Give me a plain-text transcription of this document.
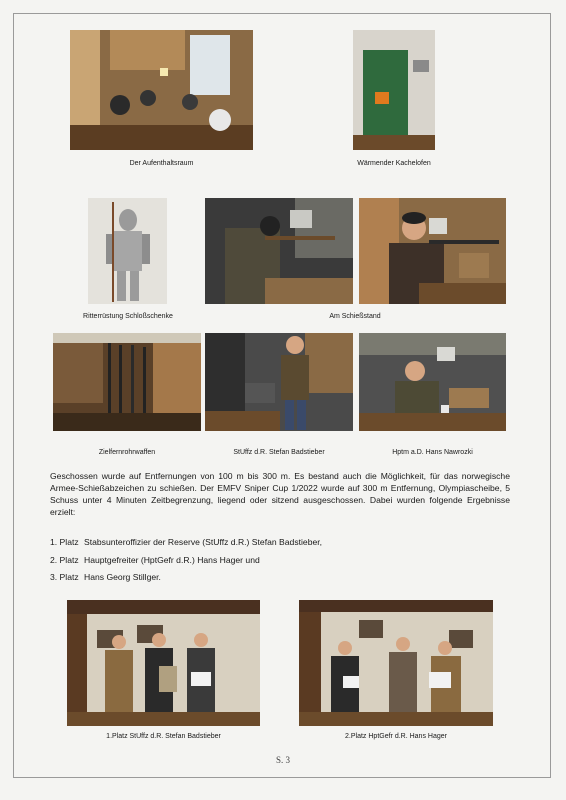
Der Aufenthaltsraum	Wärmender Kachelofen
Ritterrüstung Schloßschenke	Am Schießstand
Zielfernrohrwaffen	StUffz d.R. Stefan Badstieber	Hptm a.D. Hans Nawrozki
Geschossen wurde auf Entfernungen von 100 m bis 300 m. Es bestand auch die Möglichkeit, für das norwegische Armee-Schießabzeichen zu schießen. Der EMFV Sniper Cup 1/2022 wurde auf 300 m Entfernung, Olympiascheibe, 5 Schuss unter 4 Minuten Zeitbegrenzung, liegend oder sitzend ausgeschossen. Dabei wurden folgende Ergebnisse erzielt:
1. Platz Stabsunteroffizier der Reserve (StUffz d.R.) Stefan Badstieber,
2. Platz Hauptgefreiter (HptGefr d.R.) Hans Hager und
3. Platz Hans Georg Stillger.
1.Platz StUffz d.R. Stefan Badstieber	2.Platz HptGefr d.R. Hans Hager
S. 3
